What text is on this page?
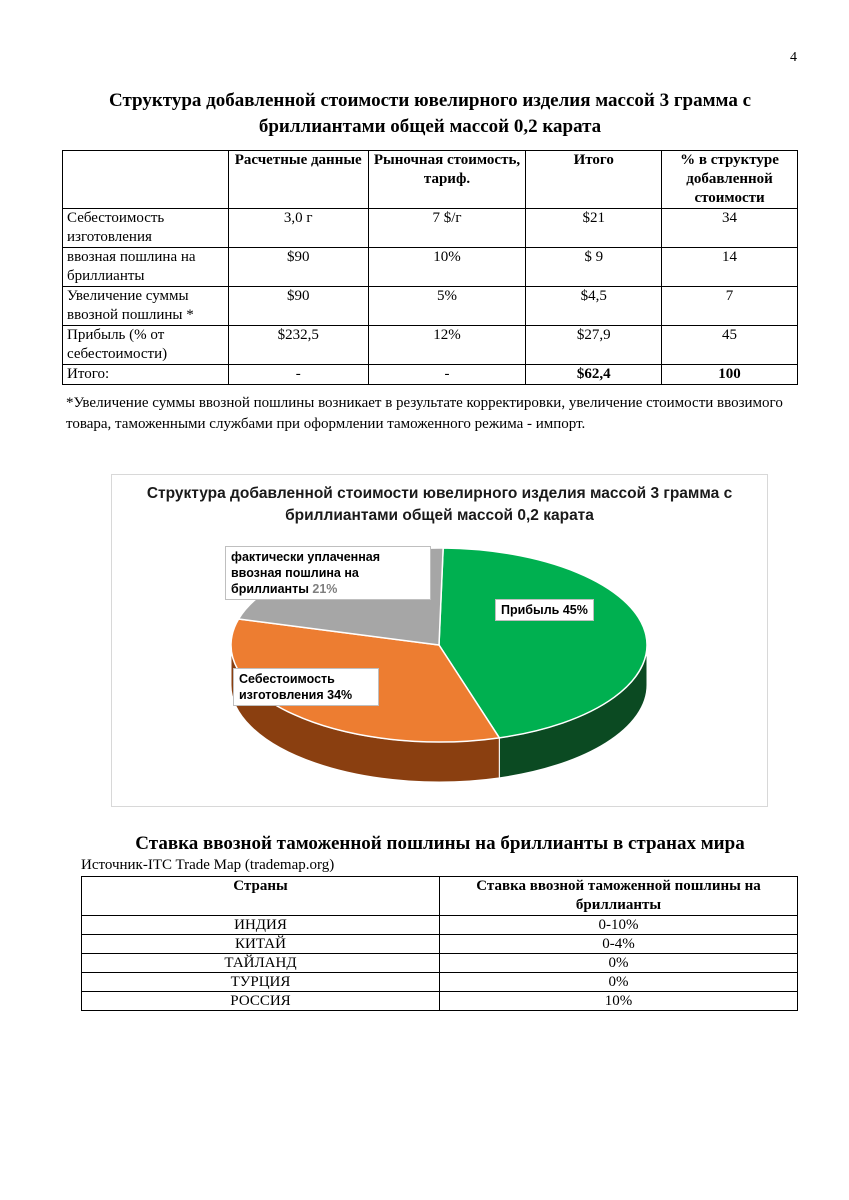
4
Структура добавленной стоимости ювелирного изделия массой 3 грамма с бриллиантами общей массой 0,2 карата
	Расчетные данные	Рыночная стоимость, тариф.	Итого	% в структуре добавленной стоимости
Себестоимость изготовления	3,0 г	7 $/г	$21	34
ввозная пошлина на бриллианты	$90	10%	$ 9	14
Увеличение суммы ввозной пошлины *	$90	5%	$4,5	7
Прибыль (% от себестоимости)	$232,5	12%	$27,9	45
Итого:	-	-	$62,4	100
*Увеличение суммы ввозной пошлины возникает в результате корректировки, увеличение стоимости ввозимого товара, таможенными службами при оформлении таможенного режима - импорт.
Структура добавленной стоимости ювелирного изделия массой 3 грамма с бриллиантами общей массой 0,2 карата
фактически уплаченная ввозная пошлина на бриллианты 21%
Прибыль 45%
Себестоимость изготовления 34%
Ставка ввозной таможенной пошлины на бриллианты в странах мира
Источник-ITC Trade Map (trademap.org)
Страны	Ставка ввозной таможенной пошлины на бриллианты
ИНДИЯ	0-10%
КИТАЙ	0-4%
ТАЙЛАНД	0%
ТУРЦИЯ	0%
РОССИЯ	10%
